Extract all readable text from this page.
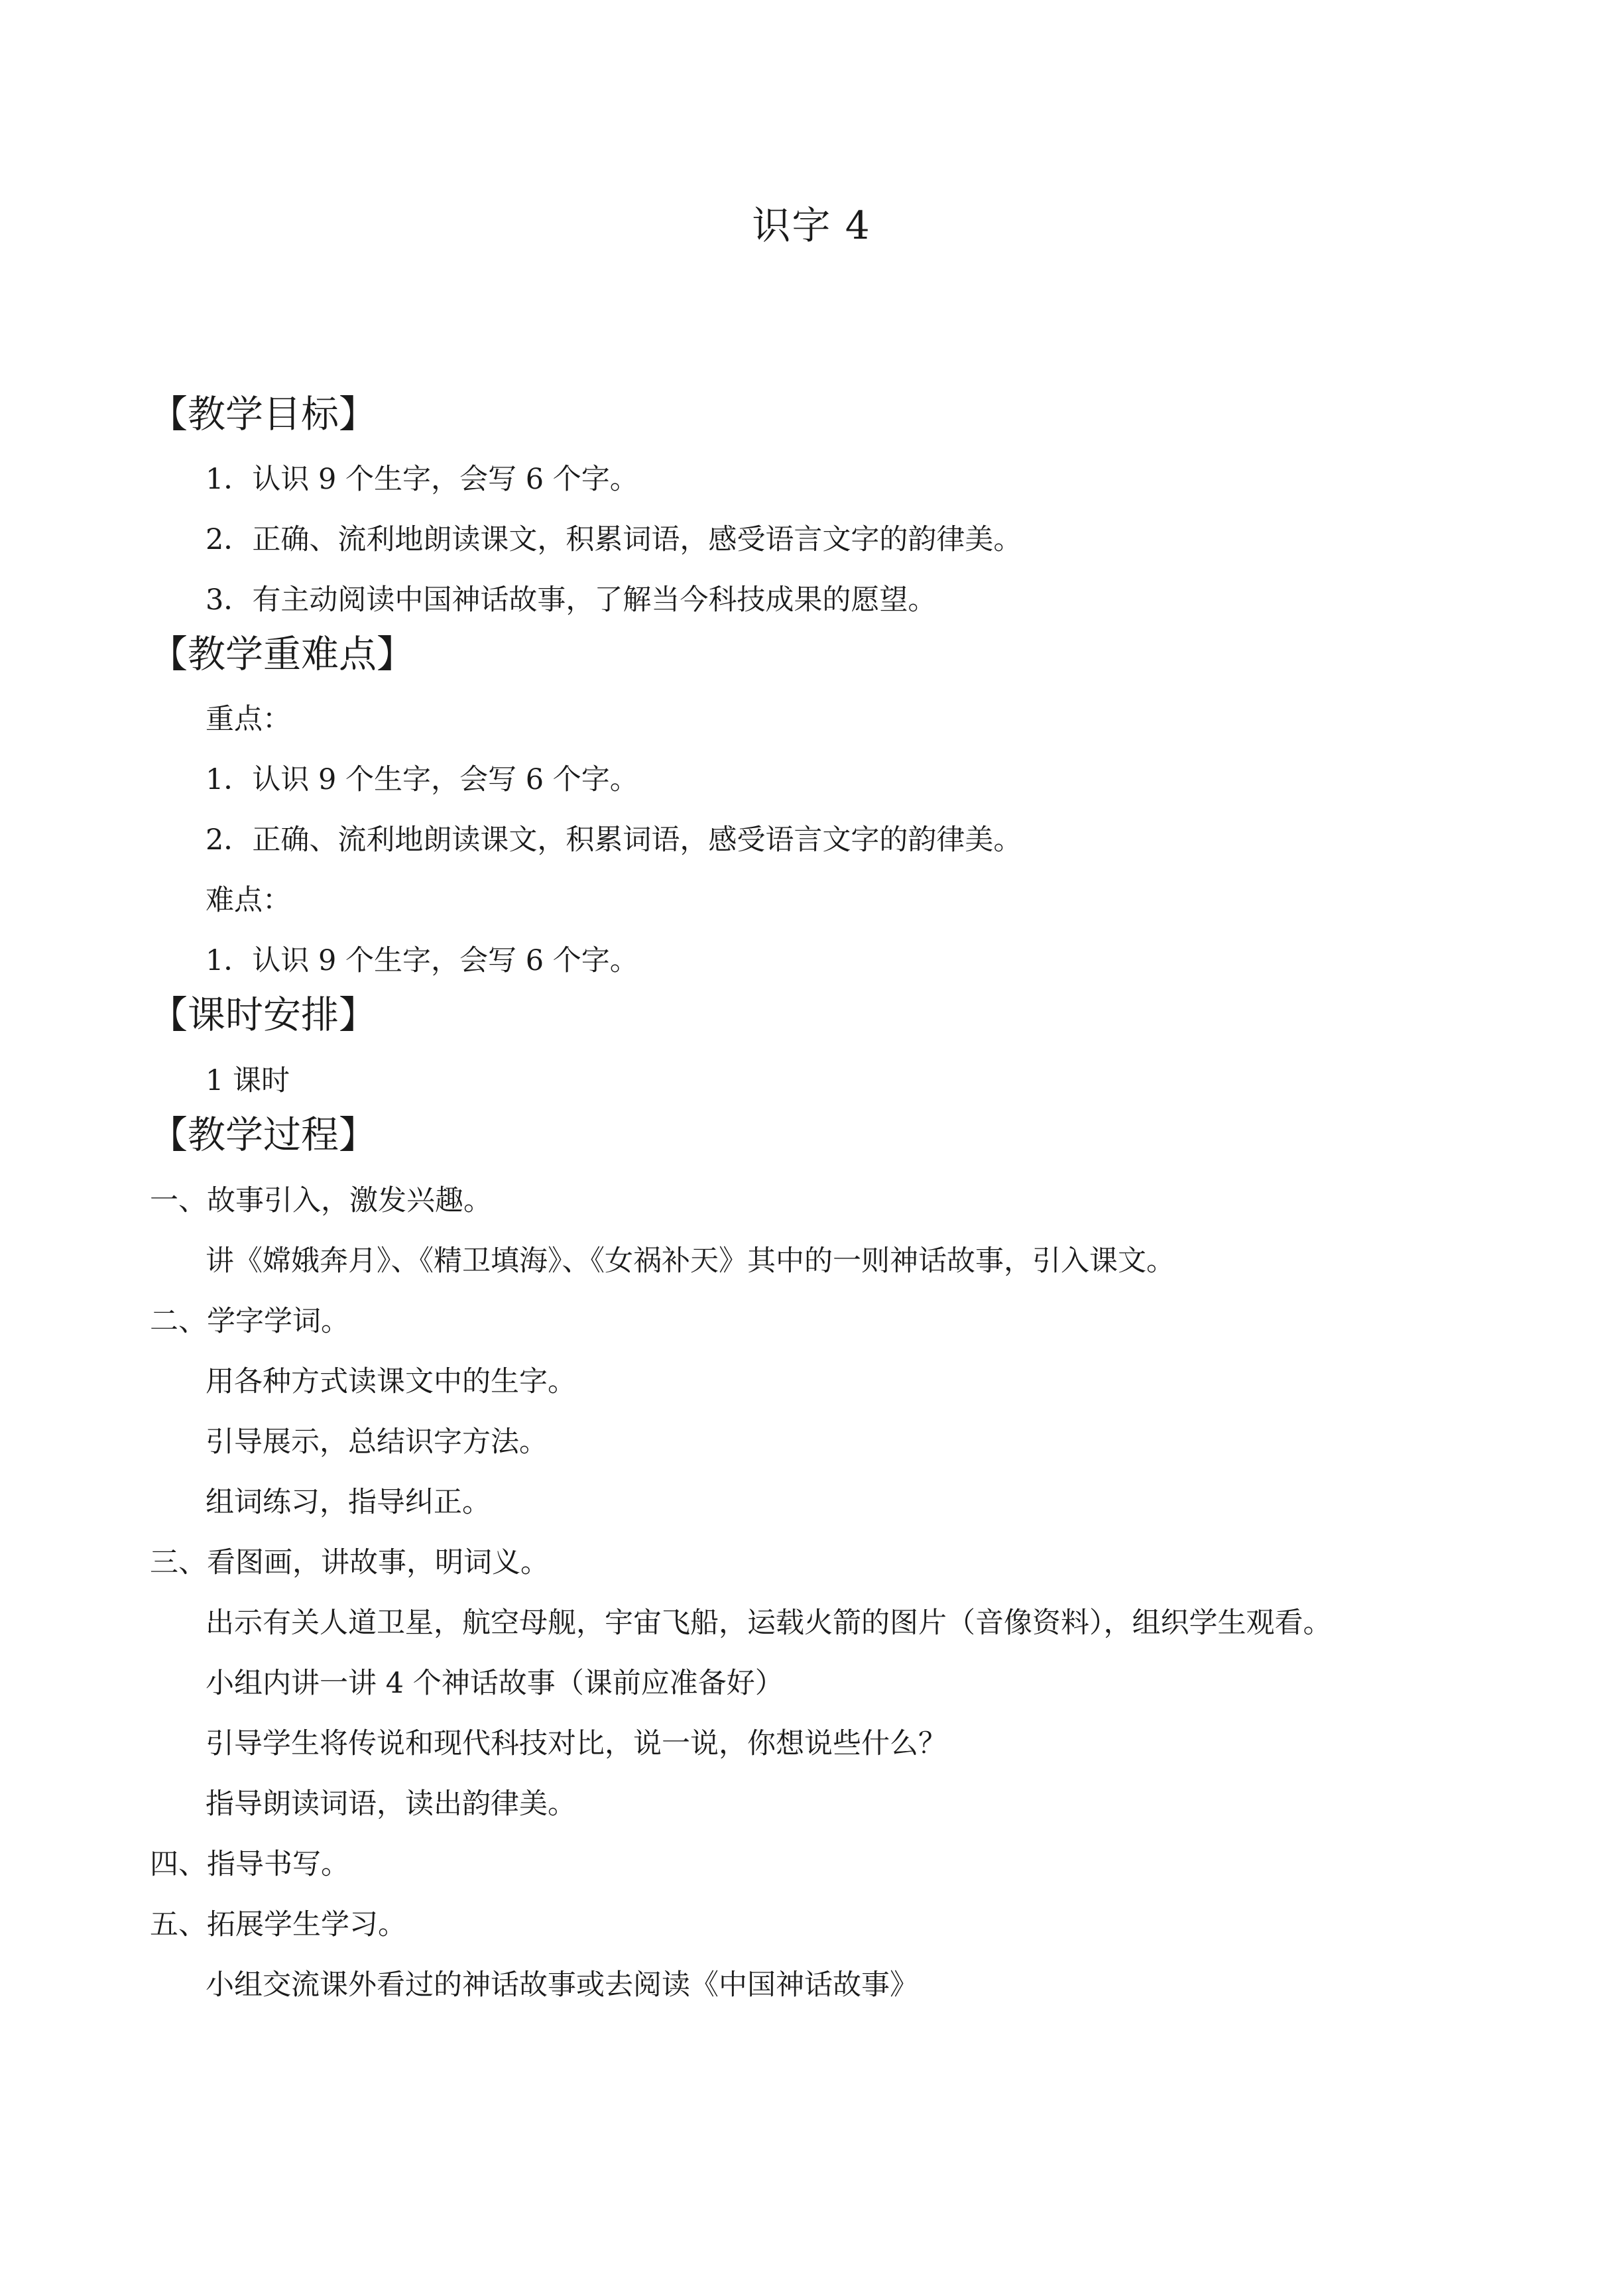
识字 4
【教学目标】
1．认识 9 个生字，会写 6 个字。
2．正确、流利地朗读课文，积累词语，感受语言文字的韵律美。
3．有主动阅读中国神话故事，了解当今科技成果的愿望。
【教学重难点】
重点：
1．认识 9 个生字，会写 6 个字。
2．正确、流利地朗读课文，积累词语，感受语言文字的韵律美。
难点：
1．认识 9 个生字，会写 6 个字。
【课时安排】
1 课时
【教学过程】
一、故事引入，激发兴趣。
讲《嫦娥奔月》、《精卫填海》、《女祸补天》其中的一则神话故事，引入课文。
二、学字学词。
用各种方式读课文中的生字。
引导展示，总结识字方法。
组词练习，指导纠正。
三、看图画，讲故事，明词义。
出示有关人道卫星，航空母舰，宇宙飞船，运载火箭的图片（音像资料），组织学生观看。
小组内讲一讲 4 个神话故事（课前应准备好）
引导学生将传说和现代科技对比，说一说，你想说些什么？
指导朗读词语，读出韵律美。
四、指导书写。
五、拓展学生学习。
小组交流课外看过的神话故事或去阅读《中国神话故事》
